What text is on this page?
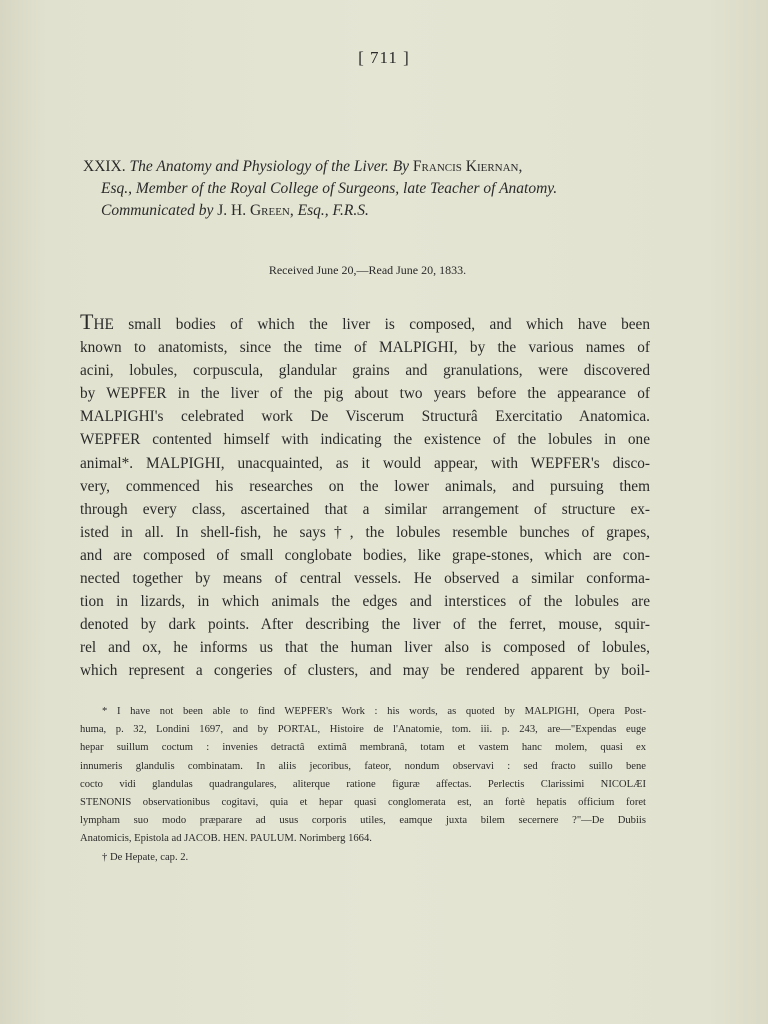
[ 711 ]
XXIX. The Anatomy and Physiology of the Liver. By Francis Kiernan,
Esq., Member of the Royal College of Surgeons, late Teacher of Anatomy.
Communicated by J. H. Green, Esq., F.R.S.
Received June 20,—Read June 20, 1833.
THE small bodies of which the liver is composed, and which have been
known to anatomists, since the time of MALPIGHI, by the various names of
acini, lobules, corpuscula, glandular grains and granulations, were discovered
by WEPFER in the liver of the pig about two years before the appearance of
MALPIGHI's celebrated work De Viscerum Structurâ Exercitatio Anatomica.
WEPFER contented himself with indicating the existence of the lobules in one
animal*. MALPIGHI, unacquainted, as it would appear, with WEPFER's disco-
very, commenced his researches on the lower animals, and pursuing them
through every class, ascertained that a similar arrangement of structure ex-
isted in all. In shell-fish, he says†, the lobules resemble bunches of grapes,
and are composed of small conglobate bodies, like grape-stones, which are con-
nected together by means of central vessels. He observed a similar conforma-
tion in lizards, in which animals the edges and interstices of the lobules are
denoted by dark points. After describing the liver of the ferret, mouse, squir-
rel and ox, he informs us that the human liver also is composed of lobules,
which represent a congeries of clusters, and may be rendered apparent by boil-
* I have not been able to find WEPFER's Work : his words, as quoted by MALPIGHI, Opera Post-
huma, p. 32, Londini 1697, and by PORTAL, Histoire de l'Anatomie, tom. iii. p. 243, are—"Expendas euge
hepar suillum coctum : invenies detractâ extimâ membranâ, totam et vastem hanc molem, quasi ex
innumeris glandulis combinatam. In aliis jecoribus, fateor, nondum observavi : sed fracto suillo bene
cocto vidi glandulas quadrangulares, aliterque ratione figuræ affectas. Perlectis Clarissimi NICOLÆI
STENONIS observationibus cogitavi, quia et hepar quasi conglomerata est, an fortè hepatis officium foret
lympham suo modo præparare ad usus corporis utiles, eamque juxta bilem secernere ?"—De Dubiis
Anatomicis, Epistola ad JACOB. HEN. PAULUM. Norimberg 1664.
† De Hepate, cap. 2.
